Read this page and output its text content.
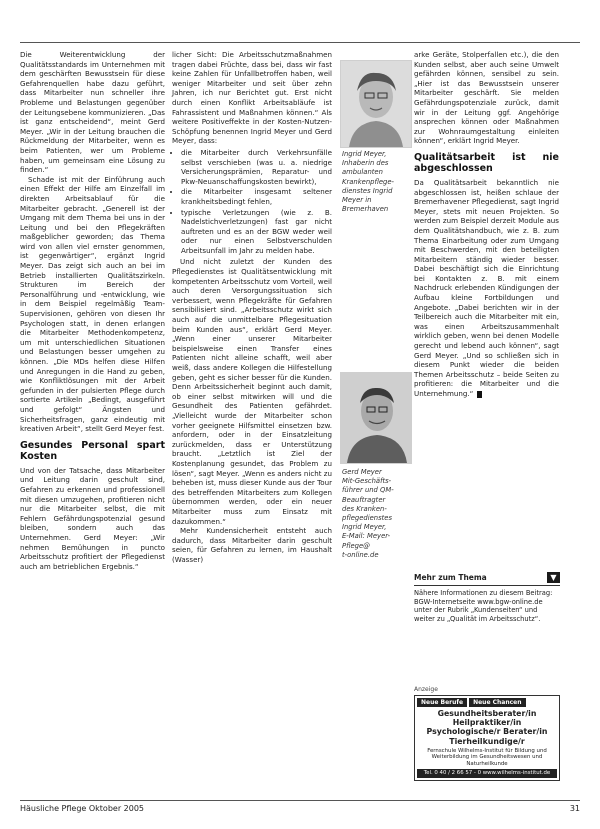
Die Weiterentwicklung der Qualitätsstandards im Unternehmen mit dem geschärften Bewusstsein für diese Gefahrenquellen habe dazu geführt, dass Mitarbeiter nun schneller ihre Probleme und Belastungen gegenüber der Leitungsebene kommunizieren. „Das ist ganz entscheidend“, meint Gerd Meyer. „Wir in der Leitung brauchen die Rückmeldung der Mitarbeiter, wenn es beim Patienten, wer um Probleme haben, um gemeinsam eine Lösung zu finden.“

Schade ist mit der Einführung auch einen Effekt der Hilfe am Einzelfall im direkten Arbeitsablauf für die Mitarbeiter gebracht. „Generell ist der Umgang mit dem Thema bei uns in der Leitung und bei den Pflegekräften maßgeblicher geworden; das Thema wird von allen viel ernster genommen, ist gegenwärtiger“, ergänzt Ingrid Meyer. Das zeigt sich auch an bei im Betrieb installierten Qualitätszirkeln. Strukturen im Bereich der Personalführung und -entwicklung, wie in dem Beispiel regelmäßig Team-Supervisionen, gehören von diesen Ihr Psychologen statt, in denen erlangen die Mitarbeiter Methodenkompetenz, um mit unterschiedlichen Situationen und Belastungen besser umgehen zu können. „Die MDs helfen diese Hilfen und Anregungen in die Hand zu geben, wie Konfliktlösungen mit der Arbeit gefunden in der pulsierten Pflege durch sortierte Artikeln „Bedingt, ausgeführt und gefolgt“ Ängsten und Sicherheitsfragen, ganz eindeutig mit kreativen Arbeit“, stellt Gerd Meyer fest.

Gesundes Personal spart Kosten

Und von der Tatsache, dass Mitarbeiter und Leitung darin geschult sind, Gefahren zu erkennen und professionell mit diesen umzugehen, profitieren nicht nur die Mitarbeiter selbst, die mit Fehlern Gefährdungspotenzial gesund bleiben, sondern auch das Unternehmen. Gerd Meyer: „Wir nehmen Bemühungen in puncto Arbeitsschutz profitiert der Pflegedienst auch am betrieblichen Ergebnis.“

licher Sicht: Die Arbeitsschutzmaßnahmen tragen dabei Früchte, dass bei, dass wir fast keine Zahlen für Unfallbetroffen haben, weil weniger Mitarbeiter und seit über zehn Jahren, ich nur Berichtet gut. Erst nicht durch einen Konflikt Arbeitsabläufe ist Fahrassistent und Maßnahmen können.“ Als weitere Positiveffekte in der Kosten-Nutzen-Schöpfung benennen Ingrid Meyer und Gerd Meyer, dass:

• die Mitarbeiter durch Verkehrsunfälle selbst verschieben (was u. a. niedrige Versicherungsprämien, Reparatur- und Pkw-Neuanschaffungskosten bewirkt),
• die Mitarbeiter insgesamt seltener krankheitsbedingt fehlen,
• typische Verletzungen (wie z. B. Nadelstichverletzungen) fast gar nicht auftreten und es an der BGW weder weil oder nur einen Selbstverschulden Arbeitsunfall im Jahr zu melden habe.

Und nicht zuletzt der Kunden des Pflegedienstes ist Qualitätsentwicklung mit kompetenten Arbeitsschutz vom Vorteil, weil auch deren Versorgungssituation sich verbessert, wenn Pflegekräfte für Gefahren sensibilisiert sind. „Arbeitsschutz wirkt sich auch auf die unmittelbare Pflegesituation beim Kunden aus“, erklärt Gerd Meyer. „Wenn einer unserer Mitarbeiter beispielsweise einen Transfer eines Patienten nicht alleine schafft, weil aber weiß, dass andere Kollegen die Hilfestellung geben, geht es sicher besser für die Kunden. Denn Arbeitssicherheit beginnt auch damit, ob einer selbst mitwirken will und die Gesundheit des Patienten gefährdet. „Vielleicht wurde der Mitarbeiter schon vorher geeignete Hilfsmittel einsetzen bzw. anfordern, oder in der Einsatzleitung zurückmelden, dass er Unterstützung braucht. „Letztlich ist Ziel der Kostenplanung gesundet, das Problem zu lösen“, sagt Meyer. „Wenn es anders nicht zu beheben ist, muss dieser Kunde aus der Tour des betreffenden Mitarbeiters zum Kollegen übernommen werden, oder ein neuer Mitarbeiter muss zum Einsatz mit dazukommen.“

Mehr Kundensicherheit entsteht auch dadurch, dass Mitarbeiter darin geschult seien, für Gefahren zu lernen, im Haushalt (Wasser)

Ingrid Meyer,
Inhaberin des
ambulanten
Krankenpflege-
dienstes Ingrid
Meyer in
Bremerhaven
Gerd Meyer
Mit-Geschäfts-
führer und QM-
Beauftragter
des Kranken-
pflegedienstes
Ingrid Meyer,
E-Mail: Meyer-
Pflege@
t-online.de

arke Geräte, Stolperfallen etc.), die den Kunden selbst, aber auch seine Umwelt gefährden können, sensibel zu sein. „Hier ist das Bewusstsein unserer Mitarbeiter geschärft. Sie melden Gefährdungspotenziale zurück, damit wir in der Leitung ggf. Angehörige ansprechen können oder Maßnahmen zur Wohnraumgestaltung einleiten können“, erklärt Ingrid Meyer.

Qualitätsarbeit ist nie abgeschlossen

Da Qualitätsarbeit bekanntlich nie abgeschlossen ist, heißen schlaue der Bremerhavener Pflegedienst, sagt Ingrid Meyer, stets mit neuen Projekten. So werden zum Beispiel derzeit Module aus dem Qualitätshandbuch, wie z. B. zum Thema Einarbeitung oder zum Umgang mit Beschwerden, mit den beteiligten Mitarbeitern ständig wieder besser. Dabei beschäftigt sich die Einrichtung bei Kontakten z. B. mit einem Nachdruck erlebenden Kündigungen der Aufbau kleine Fortbildungen und Angebote. „Dabei berichten wir in der Teilbereich auch die Mitarbeiter mit ein, was einen Arbeitszusammenhalt wirklich geben, wenn bei denen Modelle gerecht und lebend auch können“, sagt Gerd Meyer. „Und so schließen sich in diesem Punkt wieder die beiden Themen Arbeitsschutz – beide Seiten zu profitieren: die Mitarbeiter und die Unternehmung.“

Mehr zum Thema	▼
Nähere Informationen zu diesem Beitrag: BGW-Internetseite www.bgw-online.de unter der Rubrik „Kundenseiten“ und weiter zu „Qualität im Arbeitsschutz“.
Anzeige
Neue Berufe	Neue Chancen
Gesundheitsberater/in Heilpraktiker/in Psychologische/r Berater/in Tierheilkundige/r
Fernschule Wilhelms-Institut für Bildung und Weiterbildung im Gesundheitswesen und Naturheilkunde
Tel. 0 40 / 2 66 57 - 0 www.wilhelms-institut.de
Häusliche Pflege Oktober 2005	31
